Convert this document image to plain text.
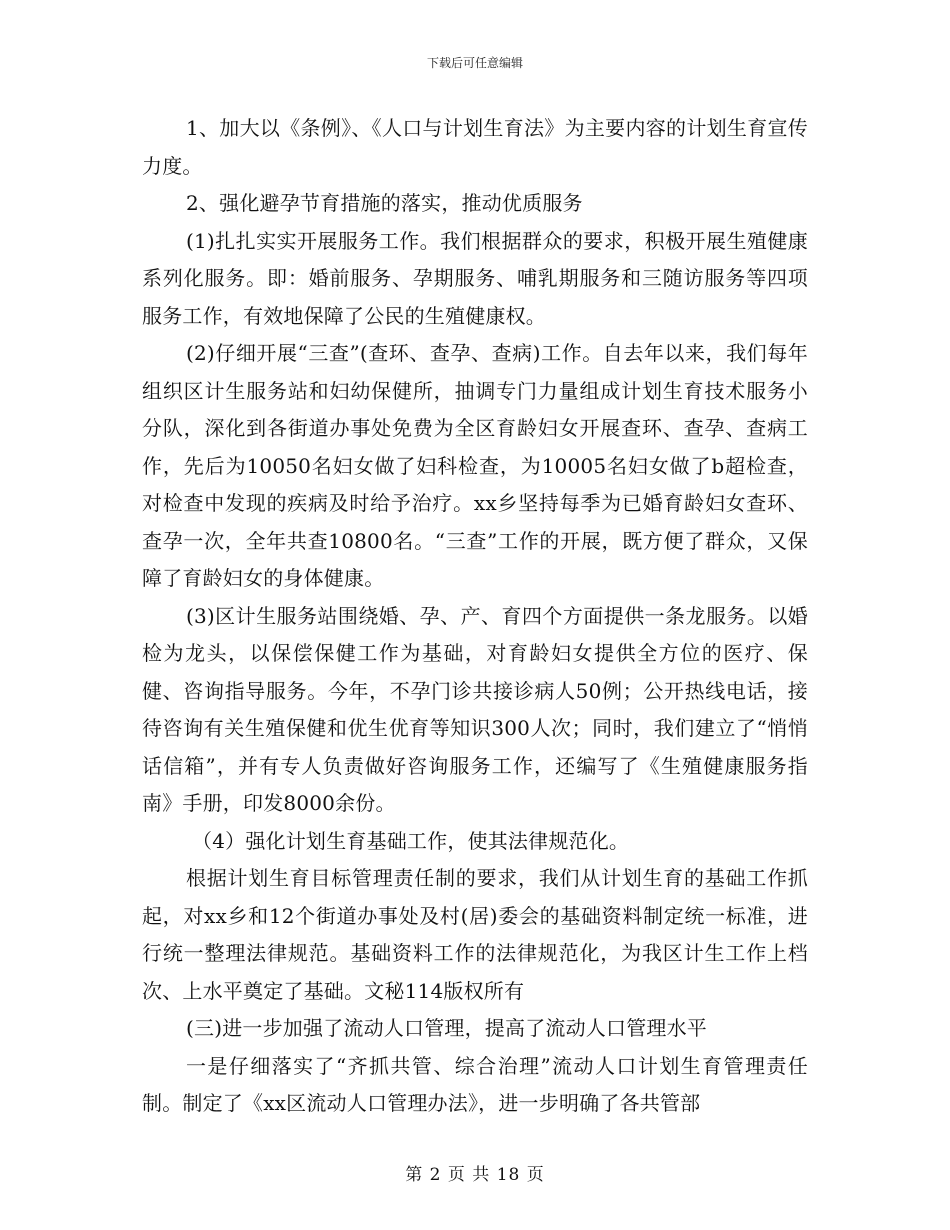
下载后可任意编辑

1、加大以《条例》、《人口与计划生育法》为主要内容的计划生育宣传力度。

2、强化避孕节育措施的落实，推动优质服务

(1)扎扎实实开展服务工作。我们根据群众的要求，积极开展生殖健康系列化服务。即：婚前服务、孕期服务、哺乳期服务和三随访服务等四项服务工作，有效地保障了公民的生殖健康权。

(2)仔细开展“三查”(查环、查孕、查病)工作。自去年以来，我们每年组织区计生服务站和妇幼保健所，抽调专门力量组成计划生育技术服务小分队，深化到各街道办事处免费为全区育龄妇女开展查环、查孕、查病工作，先后为10050名妇女做了妇科检查，为10005名妇女做了b超检查，对检查中发现的疾病及时给予治疗。xx乡坚持每季为已婚育龄妇女查环、查孕一次，全年共查10800名。“三查”工作的开展，既方便了群众，又保障了育龄妇女的身体健康。

(3)区计生服务站围绕婚、孕、产、育四个方面提供一条龙服务。以婚检为龙头，以保偿保健工作为基础，对育龄妇女提供全方位的医疗、保健、咨询指导服务。今年，不孕门诊共接诊病人50例；公开热线电话，接待咨询有关生殖保健和优生优育等知识300人次；同时，我们建立了“悄悄话信箱”，并有专人负责做好咨询服务工作，还编写了《生殖健康服务指南》手册，印发8000余份。

（4）强化计划生育基础工作，使其法律规范化。

根据计划生育目标管理责任制的要求，我们从计划生育的基础工作抓起，对xx乡和12个街道办事处及村(居)委会的基础资料制定统一标准，进行统一整理法律规范。基础资料工作的法律规范化，为我区计生工作上档次、上水平奠定了基础。文秘114版权所有

(三)进一步加强了流动人口管理，提高了流动人口管理水平

一是仔细落实了“齐抓共管、综合治理”流动人口计划生育管理责任制。制定了《xx区流动人口管理办法》，进一步明确了各共管部

第 2 页 共 18 页
